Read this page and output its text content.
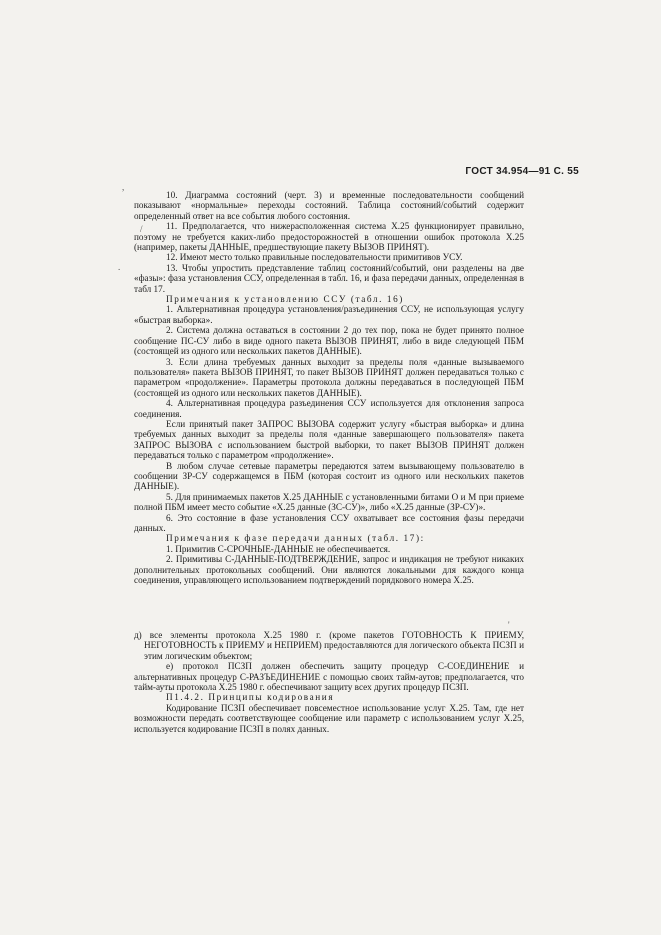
ГОСТ 34.954—91 С. 55

10. Диаграмма состояний (черт. 3) и временные последовательности сообщений показывают «нормальные» переходы состояний. Таблица состояний/событий содержит определенный ответ на все события любого состояния.

11. Предполагается, что нижерасположенная система X.25 функционирует правильно, поэтому не требуется каких-либо предосторожностей в отношении ошибок протокола X.25 (например, пакеты ДАННЫЕ, предшествующие пакету ВЫЗОВ ПРИНЯТ).

12. Имеют место только правильные последовательности примитивов УСУ.

13. Чтобы упростить представление таблиц состояний/событий, они разделены на две «фазы»: фаза установления ССУ, определенная в табл. 16, и фаза передачи данных, определенная в табл 17.

Примечания к установлению ССУ (табл. 16)

1. Альтернативная процедура установления/разъединения ССУ, не использующая услугу «быстрая выборка».

2. Система должна оставаться в состоянии 2 до тех пор, пока не будет принято полное сообщение ПС-СУ либо в виде одного пакета ВЫЗОВ ПРИНЯТ, либо в виде следующей ПБМ (состоящей из одного или нескольких пакетов ДАННЫЕ).

3. Если длина требуемых данных выходит за пределы поля «данные вызываемого пользователя» пакета ВЫЗОВ ПРИНЯТ, то пакет ВЫЗОВ ПРИНЯТ должен передаваться только с параметром «продолжение». Параметры протокола должны передаваться в последующей ПБМ (состоящей из одного или нескольких пакетов ДАННЫЕ).

4. Альтернативная процедура разъединения ССУ используется для отклонения запроса соединения.

Если принятый пакет ЗАПРОС ВЫЗОВА содержит услугу «быстрая выборка» и длина требуемых данных выходит за пределы поля «данные завершающего пользователя» пакета ЗАПРОС ВЫЗОВА с использованием быстрой выборки, то пакет ВЫЗОВ ПРИНЯТ должен передаваться только с параметром «продолжение».

В любом случае сетевые параметры передаются затем вызывающему пользователю в сообщении ЗР-СУ содержащемся в ПБМ (которая состоит из одного или нескольких пакетов ДАННЫЕ).

5. Для принимаемых пакетов X.25 ДАННЫЕ с установленными битами О и М при приеме полной ПБМ имеет место событие «X.25 данные (ЗС-СУ)», либо «X.25 данные (ЗР-СУ)».

6. Это состояние в фазе установления ССУ охватывает все состояния фазы передачи данных.

Примечания к фазе передачи данных (табл. 17):

1. Примитив С-СРОЧНЫЕ-ДАННЫЕ не обеспечивается.

2. Примитивы С-ДАННЫЕ-ПОДТВЕРЖДЕНИЕ, запрос и индикация не требуют никаких дополнительных протокольных сообщений. Они являются локальными для каждого конца соединения, управляющего использованием подтверждений порядкового номера X.25.

д) все элементы протокола X.25 1980 г. (кроме пакетов ГОТОВНОСТЬ К ПРИЕМУ, НЕГОТОВНОСТЬ к ПРИЕМУ и НЕПРИЕМ) предоставляются для логического объекта ПСЗП и этим логическим объектом;

е) протокол ПСЗП должен обеспечить защиту процедур С-СОЕДИНЕНИЕ и альтернативных процедур С-РАЗЪЕДИНЕНИЕ с помощью своих тайм-аутов; предполагается, что тайм-ауты протокола X.25 1980 г. обеспечивают защиту всех других процедур ПСЗП.

П1.4.2. Принципы кодирования

Кодирование ПСЗП обеспечивает повсеместное использование услуг X.25. Там, где нет возможности передать соответствующее сообщение или параметр с использованием услуг X.25, используется кодирование ПСЗП в полях данных.

,
/
.
'
